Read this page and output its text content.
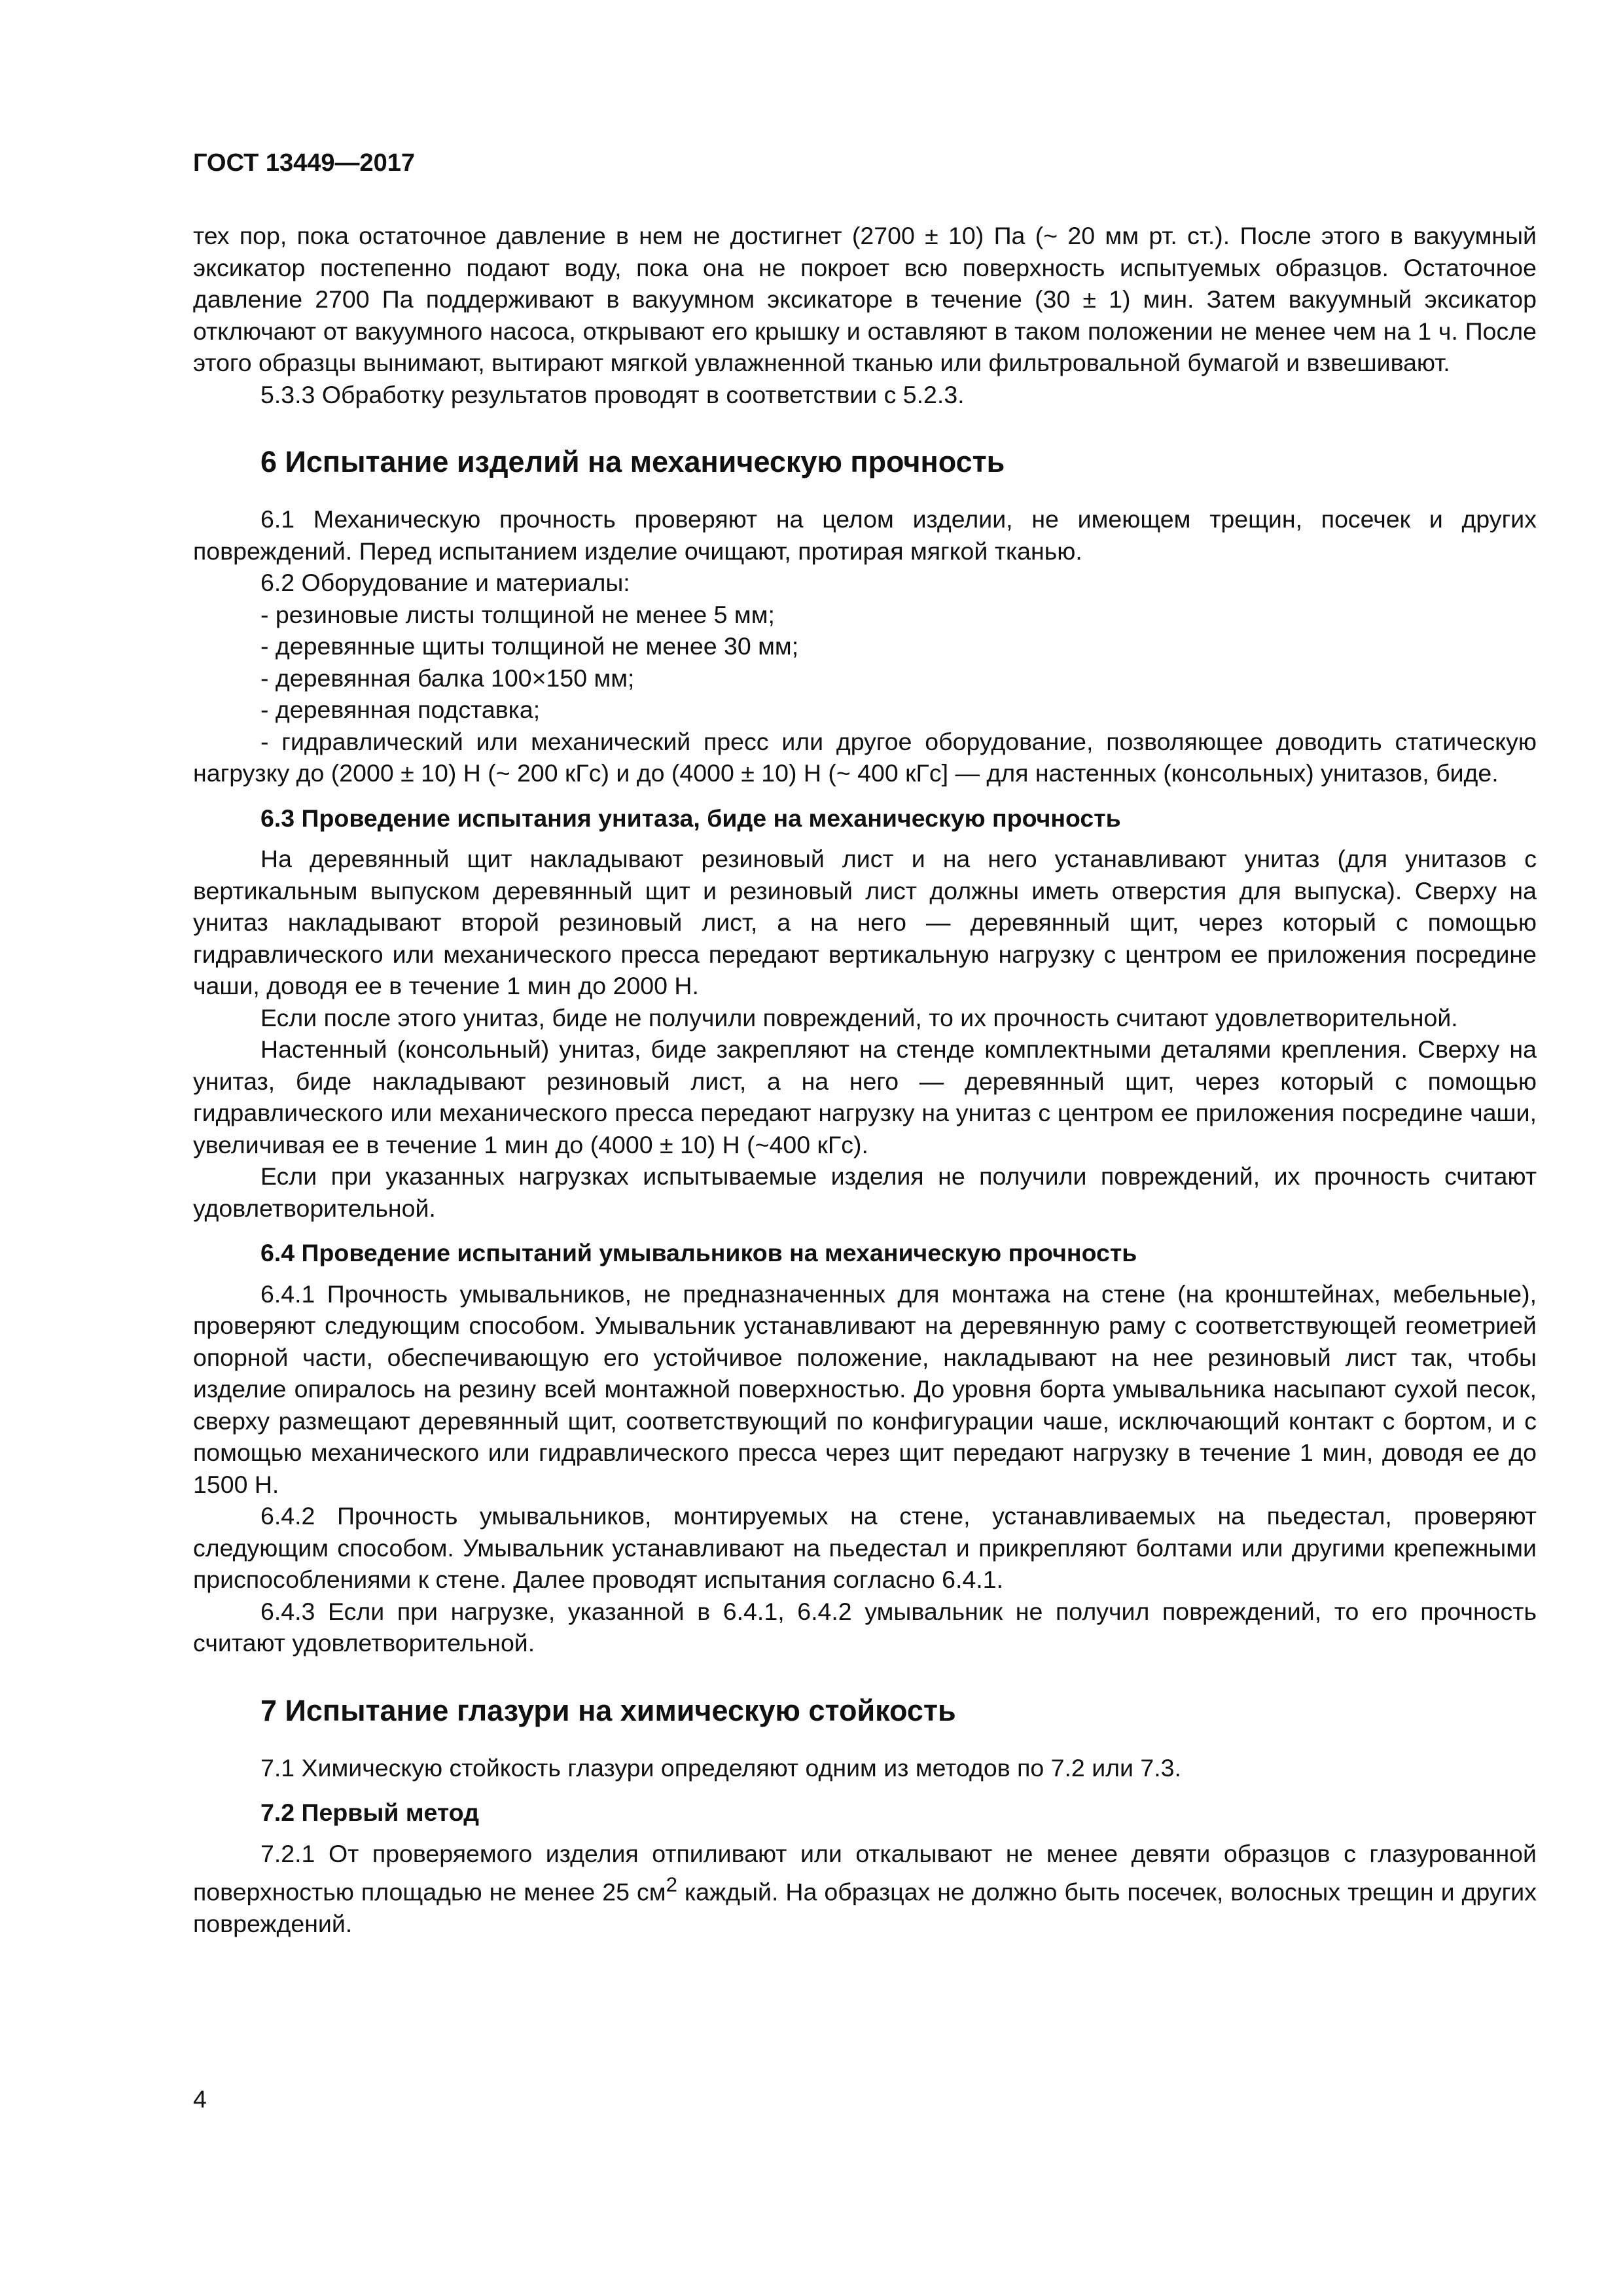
ГОСТ 13449—2017

тех пор, пока остаточное давление в нем не достигнет (2700 ± 10) Па (~ 20 мм рт. ст.). После этого в вакуумный эксикатор постепенно подают воду, пока она не покроет всю поверхность испытуемых образцов. Остаточное давление 2700 Па поддерживают в вакуумном эксикаторе в течение (30 ± 1) мин. Затем вакуумный эксикатор отключают от вакуумного насоса, открывают его крышку и оставляют в таком положении не менее чем на 1 ч. После этого образцы вынимают, вытирают мягкой увлажненной тканью или фильтровальной бумагой и взвешивают.

5.3.3 Обработку результатов проводят в соответствии с 5.2.3.

6 Испытание изделий на механическую прочность

6.1 Механическую прочность проверяют на целом изделии, не имеющем трещин, посечек и других повреждений. Перед испытанием изделие очищают, протирая мягкой тканью.

6.2 Оборудование и материалы:

- резиновые листы толщиной не менее 5 мм;

- деревянные щиты толщиной не менее 30 мм;

- деревянная балка 100×150 мм;

- деревянная подставка;

- гидравлический или механический пресс или другое оборудование, позволяющее доводить статическую нагрузку до (2000 ± 10) Н (~ 200 кГс) и до (4000 ± 10) Н (~ 400 кГс] — для настенных (консольных) унитазов, биде.

6.3 Проведение испытания унитаза, биде на механическую прочность

На деревянный щит накладывают резиновый лист и на него устанавливают унитаз (для унитазов с вертикальным выпуском деревянный щит и резиновый лист должны иметь отверстия для выпуска). Сверху на унитаз накладывают второй резиновый лист, а на него — деревянный щит, через который с помощью гидравлического или механического пресса передают вертикальную нагрузку с центром ее приложения посредине чаши, доводя ее в течение 1 мин до 2000 Н.

Если после этого унитаз, биде не получили повреждений, то их прочность считают удовлетворительной.

Настенный (консольный) унитаз, биде закрепляют на стенде комплектными деталями крепления. Сверху на унитаз, биде накладывают резиновый лист, а на него — деревянный щит, через который с помощью гидравлического или механического пресса передают нагрузку на унитаз с центром ее приложения посредине чаши, увеличивая ее в течение 1 мин до (4000 ± 10) Н (~400 кГс).

Если при указанных нагрузках испытываемые изделия не получили повреждений, их прочность считают удовлетворительной.

6.4 Проведение испытаний умывальников на механическую прочность

6.4.1 Прочность умывальников, не предназначенных для монтажа на стене (на кронштейнах, мебельные), проверяют следующим способом. Умывальник устанавливают на деревянную раму с соответствующей геометрией опорной части, обеспечивающую его устойчивое положение, накладывают на нее резиновый лист так, чтобы изделие опиралось на резину всей монтажной поверхностью. До уровня борта умывальника насыпают сухой песок, сверху размещают деревянный щит, соответствующий по конфигурации чаше, исключающий контакт с бортом, и с помощью механического или гидравлического пресса через щит передают нагрузку в течение 1 мин, доводя ее до 1500 Н.

6.4.2 Прочность умывальников, монтируемых на стене, устанавливаемых на пьедестал, проверяют следующим способом. Умывальник устанавливают на пьедестал и прикрепляют болтами или другими крепежными приспособлениями к стене. Далее проводят испытания согласно 6.4.1.

6.4.3 Если при нагрузке, указанной в 6.4.1, 6.4.2 умывальник не получил повреждений, то его прочность считают удовлетворительной.

7 Испытание глазури на химическую стойкость

7.1 Химическую стойкость глазури определяют одним из методов по 7.2 или 7.3.

7.2 Первый метод

7.2.1 От проверяемого изделия отпиливают или откалывают не менее девяти образцов с глазурованной поверхностью площадью не менее 25 $см^2$ каждый. На образцах не должно быть посечек, волосных трещин и других повреждений.

4
